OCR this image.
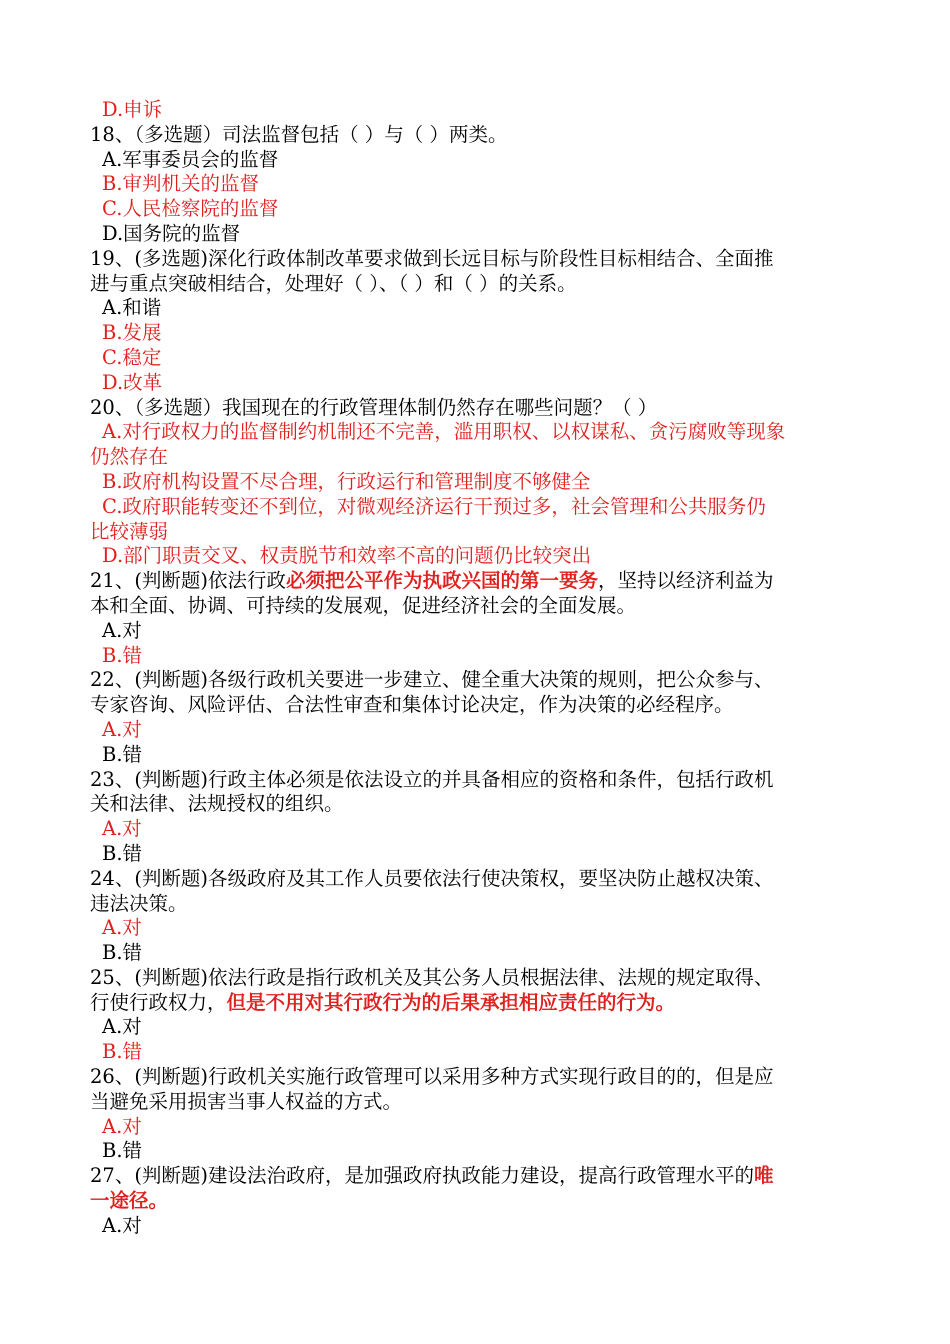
D.申诉
18、（多选题）司法监督包括（ ）与（ ）两类。
A.军事委员会的监督
B.审判机关的监督
C.人民检察院的监督
D.国务院的监督
19、(多选题)深化行政体制改革要求做到长远目标与阶段性目标相结合、全面推
进与重点突破相结合，处理好（ ）、（ ）和（ ）的关系。
A.和谐
B.发展
C.稳定
D.改革
20、（多选题）我国现在的行政管理体制仍然存在哪些问题？（ ）
A.对行政权力的监督制约机制还不完善，滥用职权、以权谋私、贪污腐败等现象
仍然存在
B.政府机构设置不尽合理，行政运行和管理制度不够健全
C.政府职能转变还不到位，对微观经济运行干预过多，社会管理和公共服务仍
比较薄弱
D.部门职责交叉、权责脱节和效率不高的问题仍比较突出
21、(判断题)依法行政必须把公平作为执政兴国的第一要务，坚持以经济利益为
本和全面、协调、可持续的发展观，促进经济社会的全面发展。
A.对
B.错
22、(判断题)各级行政机关要进一步建立、健全重大决策的规则，把公众参与、
专家咨询、风险评估、合法性审查和集体讨论决定，作为决策的必经程序。
A.对
B.错
23、(判断题)行政主体必须是依法设立的并具备相应的资格和条件，包括行政机
关和法律、法规授权的组织。
A.对
B.错
24、(判断题)各级政府及其工作人员要依法行使决策权，要坚决防止越权决策、
违法决策。
A.对
B.错
25、(判断题)依法行政是指行政机关及其公务人员根据法律、法规的规定取得、
行使行政权力，但是不用对其行政行为的后果承担相应责任的行为。
A.对
B.错
26、(判断题)行政机关实施行政管理可以采用多种方式实现行政目的的，但是应
当避免采用损害当事人权益的方式。
A.对
B.错
27、(判断题)建设法治政府，是加强政府执政能力建设，提高行政管理水平的唯
一途径。
A.对
